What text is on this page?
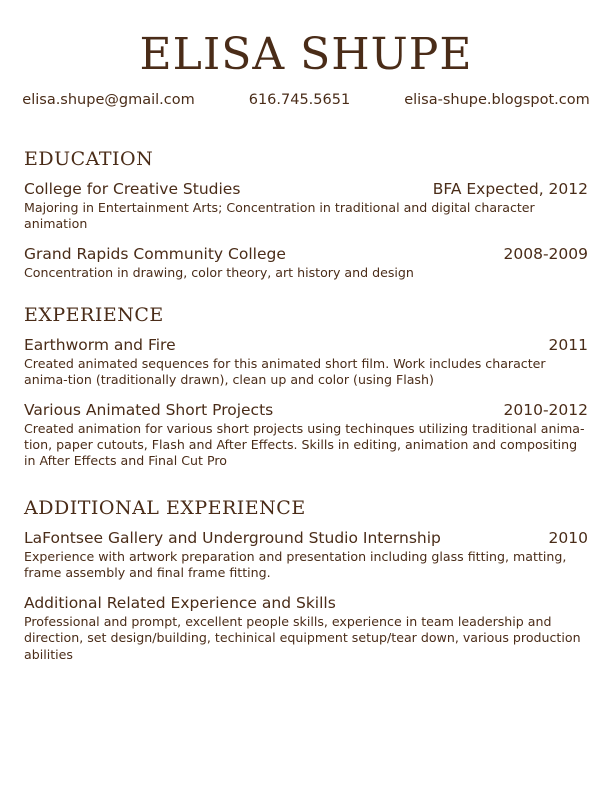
ELISA SHUPE
elisa.shupe@gmail.com	616.745.5651	elisa-shupe.blogspot.com
EDUCATION
College for Creative Studies	BFA Expected, 2012
Majoring in Entertainment Arts; Concentration in traditional and digital character animation
Grand Rapids Community College	2008-2009
Concentration in drawing, color theory, art history and design
EXPERIENCE
Earthworm and Fire	2011
Created animated sequences for this animated short film. Work includes character anima-tion (traditionally drawn), clean up and color (using Flash)
Various Animated Short Projects	2010-2012
Created animation for various short projects using techinques utilizing traditional anima-tion, paper cutouts, Flash and After Effects. Skills in editing, animation and compositing in After Effects and Final Cut Pro
ADDITIONAL EXPERIENCE
LaFontsee Gallery and Underground Studio Internship	2010
Experience with artwork preparation and presentation including glass fitting, matting, frame assembly and final frame fitting.
Additional Related Experience and Skills
Professional and prompt, excellent people skills, experience in team leadership and direction, set design/building, techinical equipment setup/tear down, various production abilities
